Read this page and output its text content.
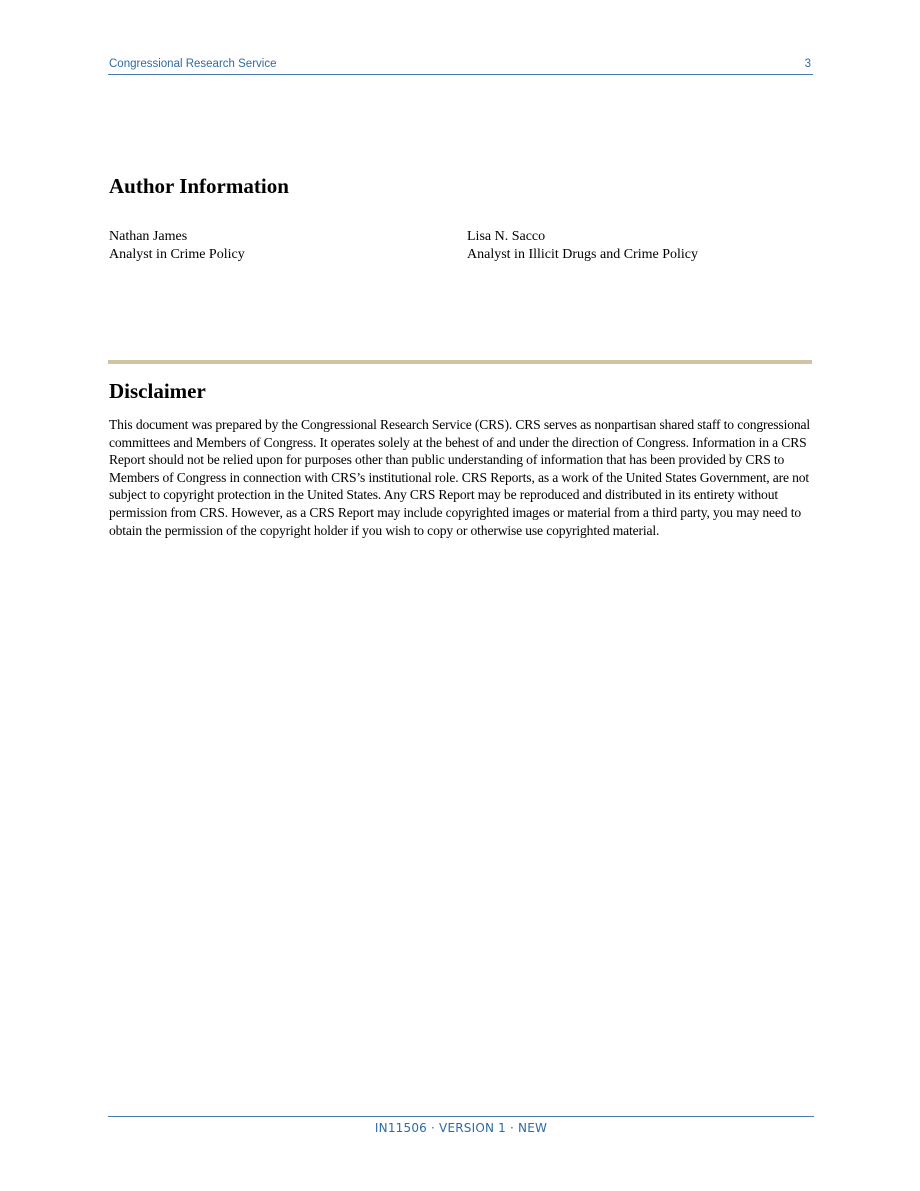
Congressional Research Service	3
Author Information
Nathan James
Analyst in Crime Policy
Lisa N. Sacco
Analyst in Illicit Drugs and Crime Policy
Disclaimer

This document was prepared by the Congressional Research Service (CRS). CRS serves as nonpartisan shared staff to congressional committees and Members of Congress. It operates solely at the behest of and under the direction of Congress. Information in a CRS Report should not be relied upon for purposes other than public understanding of information that has been provided by CRS to Members of Congress in connection with CRS’s institutional role. CRS Reports, as a work of the United States Government, are not subject to copyright protection in the United States. Any CRS Report may be reproduced and distributed in its entirety without permission from CRS. However, as a CRS Report may include copyrighted images or material from a third party, you may need to obtain the permission of the copyright holder if you wish to copy or otherwise use copyrighted material.

IN11506 · VERSION 1 · NEW
